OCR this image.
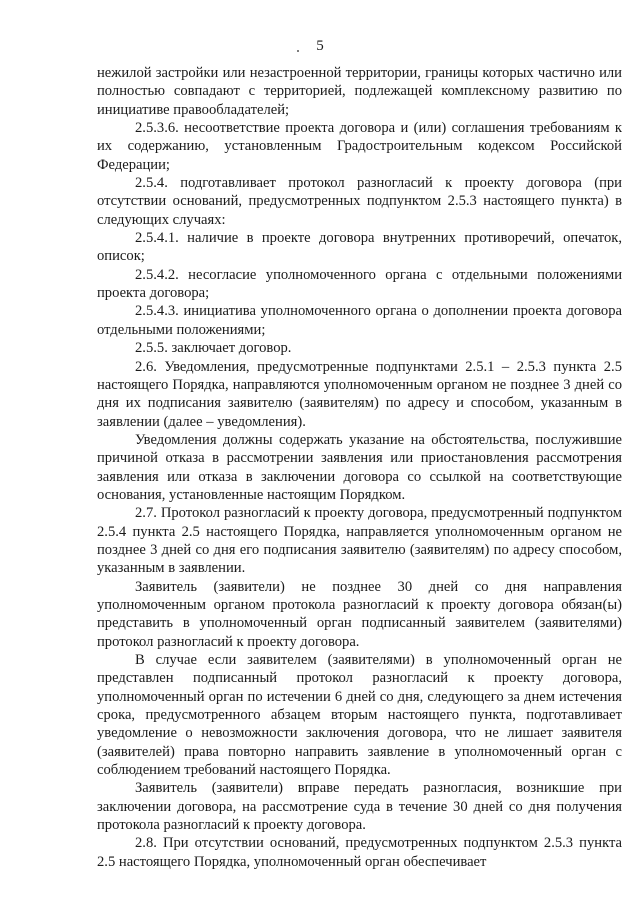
5

нежилой застройки или незастроенной территории, границы которых частично или полностью совпадают с территорией, подлежащей комплексному развитию по инициативе правообладателей;

2.5.3.6. несоответствие проекта договора и (или) соглашения требованиям к их содержанию, установленным Градостроительным кодексом Российской Федерации;

2.5.4. подготавливает протокол разногласий к проекту договора (при отсутствии оснований, предусмотренных подпунктом 2.5.3 настоящего пункта) в следующих случаях:

2.5.4.1. наличие в проекте договора внутренних противоречий, опечаток, описок;

2.5.4.2. несогласие уполномоченного органа с отдельными положениями проекта договора;

2.5.4.3. инициатива уполномоченного органа о дополнении проекта договора отдельными положениями;

2.5.5. заключает договор.

2.6. Уведомления, предусмотренные подпунктами 2.5.1 – 2.5.3 пункта 2.5 настоящего Порядка, направляются уполномоченным органом не позднее 3 дней со дня их подписания заявителю (заявителям) по адресу и способом, указанным в заявлении (далее – уведомления).

Уведомления должны содержать указание на обстоятельства, послужившие причиной отказа в рассмотрении заявления или приостановления рассмотрения заявления или отказа в заключении договора со ссылкой на соответствующие основания, установленные настоящим Порядком.

2.7. Протокол разногласий к проекту договора, предусмотренный подпунктом 2.5.4 пункта 2.5 настоящего Порядка, направляется уполномоченным органом не позднее 3 дней со дня его подписания заявителю (заявителям) по адресу способом, указанным в заявлении.

Заявитель (заявители) не позднее 30 дней со дня направления уполномоченным органом протокола разногласий к проекту договора обязан(ы) представить в уполномоченный орган подписанный заявителем (заявителями) протокол разногласий к проекту договора.

В случае если заявителем (заявителями) в уполномоченный орган не представлен подписанный протокол разногласий к проекту договора, уполномоченный орган по истечении 6 дней со дня, следующего за днем истечения срока, предусмотренного абзацем вторым настоящего пункта, подготавливает уведомление о невозможности заключения договора, что не лишает заявителя (заявителей) права повторно направить заявление в уполномоченный орган с соблюдением требований настоящего Порядка.

Заявитель (заявители) вправе передать разногласия, возникшие при заключении договора, на рассмотрение суда в течение 30 дней со дня получения протокола разногласий к проекту договора.

2.8. При отсутствии оснований, предусмотренных подпунктом 2.5.3 пункта 2.5 настоящего Порядка, уполномоченный орган обеспечивает
